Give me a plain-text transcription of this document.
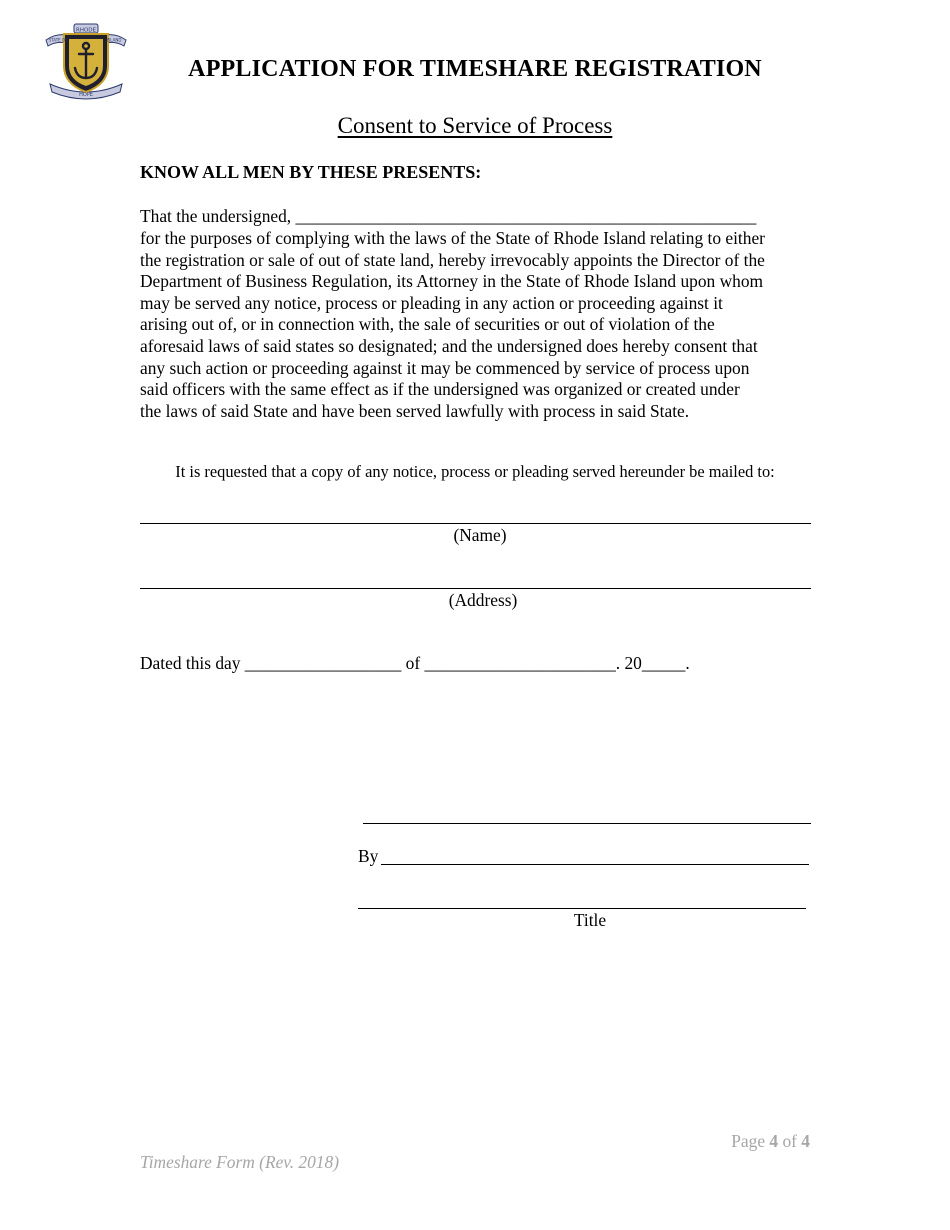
RHODE
STATE OF	ISLAND
HOPE
APPLICATION FOR TIMESHARE REGISTRATION
Consent to Service of Process
KNOW ALL MEN BY THESE PRESENTS:
That the undersigned, _____________________________________________________
for the purposes of complying with the laws of the State of Rhode Island relating to either
the registration or sale of out of state land, hereby irrevocably appoints the Director of the
Department of Business Regulation, its Attorney in the State of Rhode Island upon whom
may be served any notice, process or pleading in any action or proceeding against it
arising out of, or in connection with, the sale of securities or out of violation of the
aforesaid laws of said states so designated; and the undersigned does hereby consent that
any such action or proceeding against it may be commenced by service of process upon
said officers with the same effect as if the undersigned was organized or created under
the laws of said State and have been served lawfully with process in said State.
It is requested that a copy of any notice, process or pleading served hereunder be mailed to:
(Name)
(Address)
Dated this day __________________ of ______________________. 20_____.
By
Title
Page 4 of 4
Timeshare Form (Rev. 2018)
